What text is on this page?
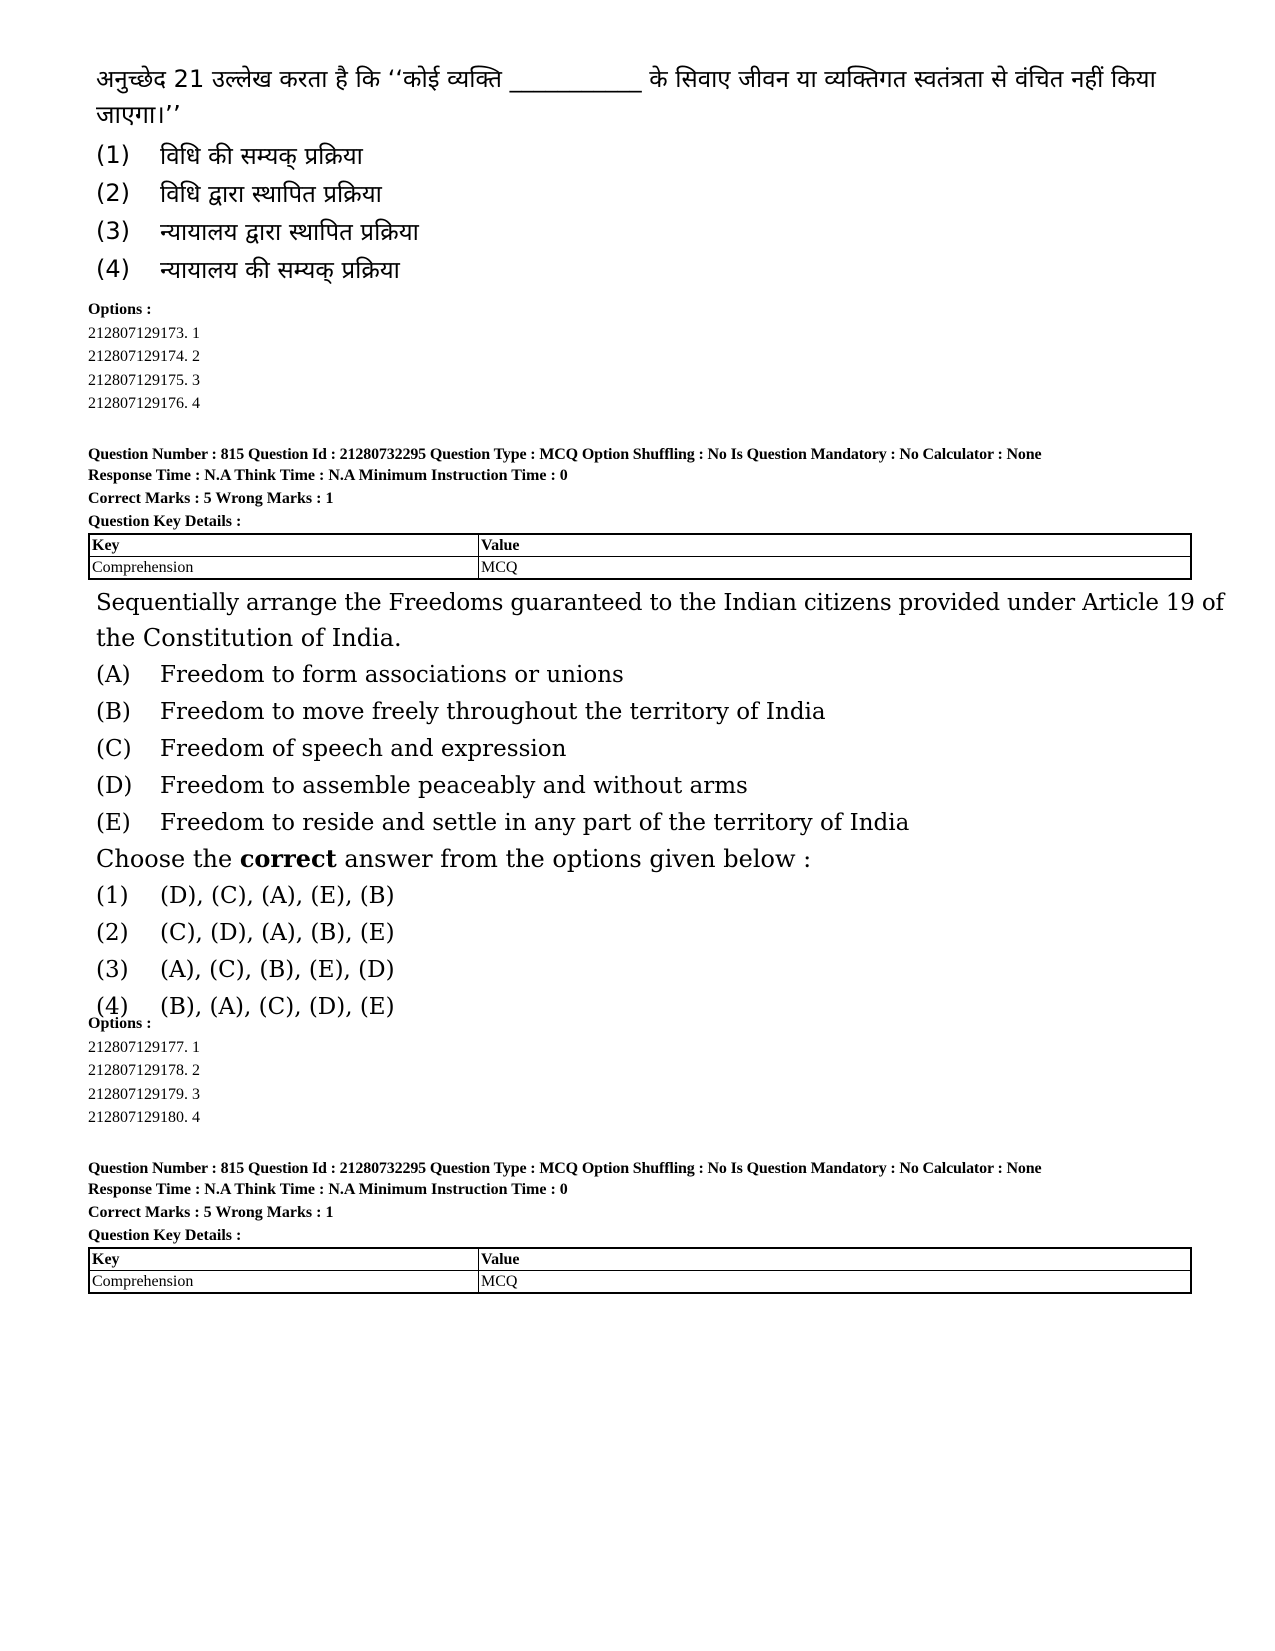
अनुच्छेद 21 उल्लेख करता है कि ‘‘कोई व्यक्ति ___________ के सिवाए जीवन या व्यक्तिगत स्वतंत्रता से वंचित नहीं किया

जाएगा।’’

(1)	विधि की सम्यक् प्रक्रिया
(2)	विधि द्वारा स्थापित प्रक्रिया
(3)	न्यायालय द्वारा स्थापित प्रक्रिया
(4)	न्यायालय की सम्यक् प्रक्रिया
Options :
212807129173. 1
212807129174. 2
212807129175. 3
212807129176. 4
Question Number : 815 Question Id : 21280732295 Question Type : MCQ Option Shuffling : No Is Question Mandatory : No Calculator : None
Response Time : N.A Think Time : N.A Minimum Instruction Time : 0
Correct Marks : 5 Wrong Marks : 1
Question Key Details :
Key	Value
Comprehension	MCQ

Sequentially arrange the Freedoms guaranteed to the Indian citizens provided under Article 19 of

the Constitution of India.

(A)	Freedom to form associations or unions
(B)	Freedom to move freely throughout the territory of India
(C)	Freedom of speech and expression
(D)	Freedom to assemble peaceably and without arms
(E)	Freedom to reside and settle in any part of the territory of India

Choose the correct answer from the options given below :

(1)	(D), (C), (A), (E), (B)
(2)	(C), (D), (A), (B), (E)
(3)	(A), (C), (B), (E), (D)
(4)	(B), (A), (C), (D), (E)
Options :
212807129177. 1
212807129178. 2
212807129179. 3
212807129180. 4
Question Number : 815 Question Id : 21280732295 Question Type : MCQ Option Shuffling : No Is Question Mandatory : No Calculator : None
Response Time : N.A Think Time : N.A Minimum Instruction Time : 0
Correct Marks : 5 Wrong Marks : 1
Question Key Details :
Key	Value
Comprehension	MCQ
